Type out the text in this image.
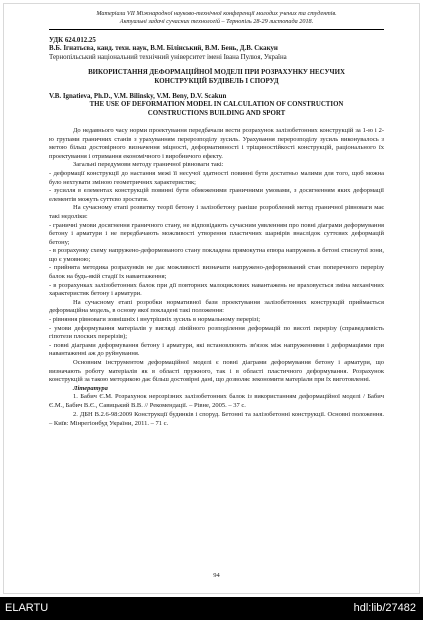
Матеріали VII Міжнародної науково-технічної конференції молодих учених та студентів.
Актуальні задачі сучасних технологій – Тернопіль 28-29 листопада 2018.
УДК 624.012.25
В.Б. Ігнатьєва, канд. техн. наук, В.М. Білінський, В.М. Бень, Д.В. Скакун
Тернопільський національний технічний університет імені Івана Пулюя, Україна
ВИКОРИСТАННЯ ДЕФОРМАЦІЙНОЇ МОДЕЛІ ПРИ РОЗРАХУНКУ НЕСУЧИХ
КОНСТРУКЦІЙ БУДІВЕЛЬ І СПОРУД
V.B. Ignatieva, Ph.D., V.M. Bilinsky, V.M. Beny, D.V. Scakun
THE USE OF DEFORMATION MODEL IN CALCULATION OF CONSTRUCTION
CONSTRUCTIONS BUILDING AND SPORT

До недавнього часу норми проектування передбачали вести розрахунок залізобетонних конструкцій за 1-ю і 2-ю групами граничних станів з урахуванням перерозподілу зусиль. Урахування перерозподілу зусиль виконувалось з метою більш достовірного визначення міцності, деформативності і тріщиностійкості конструкцій, раціонального їх проектування і отримання економічного і виробничого ефекту.

Загальні передумови методу граничної рівноваги такі:

- деформації конструкції до настання межі її несучої здатності повинні бути достатньо малими для того, щоб можна було нехтувати зміною геометричних характеристик;

- зусилля в елементах конструкцій повинні бути обмеженими граничними умовами, з досягненням яких деформації елементів можуть суттєво зростати.

На сучасному етапі розвитку теорії бетону і залізобетону раніше розроблений метод граничної рівноваги має такі недоліки:

- граничні умови досягнення граничного стану, не відповідають сучасним уявленням про повні діаграми деформування бетону і арматури і не передбачають можливості утворення пластичних шарнірів внаслідок суттєвих деформацій бетону;

- в розрахунку схему напружено-деформованого стану покладена прямокутна епюра напружень в бетоні стиснутої зони, що є умовною;

- прийнята методика розрахунків не дає можливості визначати напружено-деформований стан поперечного перерізу балок на будь-якій стадії їх навантаження;

- в розрахунках залізобетонних балок при дії повторних малоциклових навантажень не враховується зміна механічних характеристик бетону і арматури.

На сучасному етапі розробки нормативної бази проектування залізобетонних конструкцій приймається деформаційна модель, в основу якої покладені такі положення:

- рівняння рівноваги зовнішніх і внутрішніх зусиль в нормальному перерізі;

- умови деформування матеріалів у вигляді лінійного розподілення деформацій по висоті перерізу (справедливість гіпотези плоских перерізів);

- повні діаграми деформування бетону і арматури, які встановлюють зв'язок між напруженнями і деформаціями при навантаженні аж до руйнування.

Основним інструментом деформаційної моделі є повні діаграми деформування бетону і арматури, що визначають роботу матеріалів як в області пружного, так і в області пластичного деформування. Розрахунок конструкцій за такою методикою дає більш достовірні дані, що дозволяє зекономити матеріали при їх виготовленні.

Література

1. Бабич Є.М. Розрахунок нерозрізних залізобетонних балок із використанням деформаційної моделі / Бабич Є.М., Бабич В.Є., Савицький В.В. // Рекомендації. – Рівне, 2005. – 37 с.

2. ДБН В.2.6-98:2009 Конструкції будинків і споруд. Бетонні та залізобетонні конструкції. Основні положення. – Київ: Мінрегіонбуд України, 2011. – 71 с.

94
ELARTU	hdl:lib/27482
